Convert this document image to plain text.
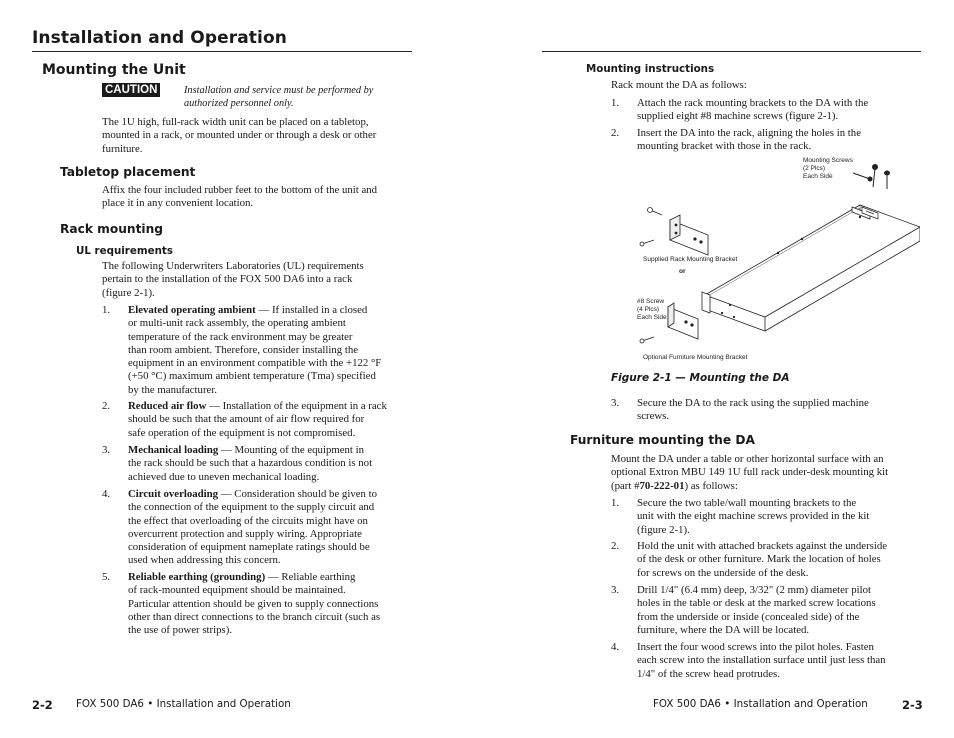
Installation and Operation
Mounting the Unit
CAUTION	Installation and service must be performed by
authorized personnel only.
The 1U high, full-rack width unit can be placed on a tabletop,
mounted in a rack, or mounted under or through a desk or other
furniture.
Tabletop placement
Affix the four included rubber feet to the bottom of the unit and
place it in any convenient location.
Rack mounting
UL requirements
The following Underwriters Laboratories (UL) requirements
pertain to the installation of the FOX 500 DA6 into a rack
(figure 2-1).
1. Elevated operating ambient — If installed in a closed
or multi-unit rack assembly, the operating ambient
temperature of the rack environment may be greater
than room ambient. Therefore, consider installing the
equipment in an environment compatible with the +122 °F
(+50 °C) maximum ambient temperature (Tma) specified
by the manufacturer.
2. Reduced air flow — Installation of the equipment in a rack
should be such that the amount of air flow required for
safe operation of the equipment is not compromised.
3. Mechanical loading — Mounting of the equipment in
the rack should be such that a hazardous condition is not
achieved due to uneven mechanical loading.
4. Circuit overloading — Consideration should be given to
the connection of the equipment to the supply circuit and
the effect that overloading of the circuits might have on
overcurrent protection and supply wiring. Appropriate
consideration of equipment nameplate ratings should be
used when addressing this concern.
5. Reliable earthing (grounding) — Reliable earthing
of rack-mounted equipment should be maintained.
Particular attention should be given to supply connections
other than direct connections to the branch circuit (such as
the use of power strips).
2-2 FOX 500 DA6 • Installation and Operation
Mounting instructions
Rack mount the DA as follows:
1. Attach the rack mounting brackets to the DA with the
supplied eight #8 machine screws (figure 2-1).
2. Insert the DA into the rack, aligning the holes in the
mounting bracket with those in the rack.
Mounting Screws
(2 Plcs)
Each Side
Supplied Rack Mounting Bracket
or
#8 Screw
(4 Plcs)
Each Side
Optional Furniture Mounting Bracket
Figure 2-1 — Mounting the DA
3. Secure the DA to the rack using the supplied machine
screws.
Furniture mounting the DA
Mount the DA under a table or other horizontal surface with an
optional Extron MBU 149 1U full rack under-desk mounting kit
(part #70-222-01) as follows:
1. Secure the two table/wall mounting brackets to the
unit with the eight machine screws provided in the kit
(figure 2-1).
2. Hold the unit with attached brackets against the underside
of the desk or other furniture. Mark the location of holes
for screws on the underside of the desk.
3. Drill 1/4" (6.4 mm) deep, 3/32" (2 mm) diameter pilot
holes in the table or desk at the marked screw locations
from the underside or inside (concealed side) of the
furniture, where the DA will be located.
4. Insert the four wood screws into the pilot holes. Fasten
each screw into the installation surface until just less than
1/4" of the screw head protrudes.
FOX 500 DA6 • Installation and Operation	2-3
